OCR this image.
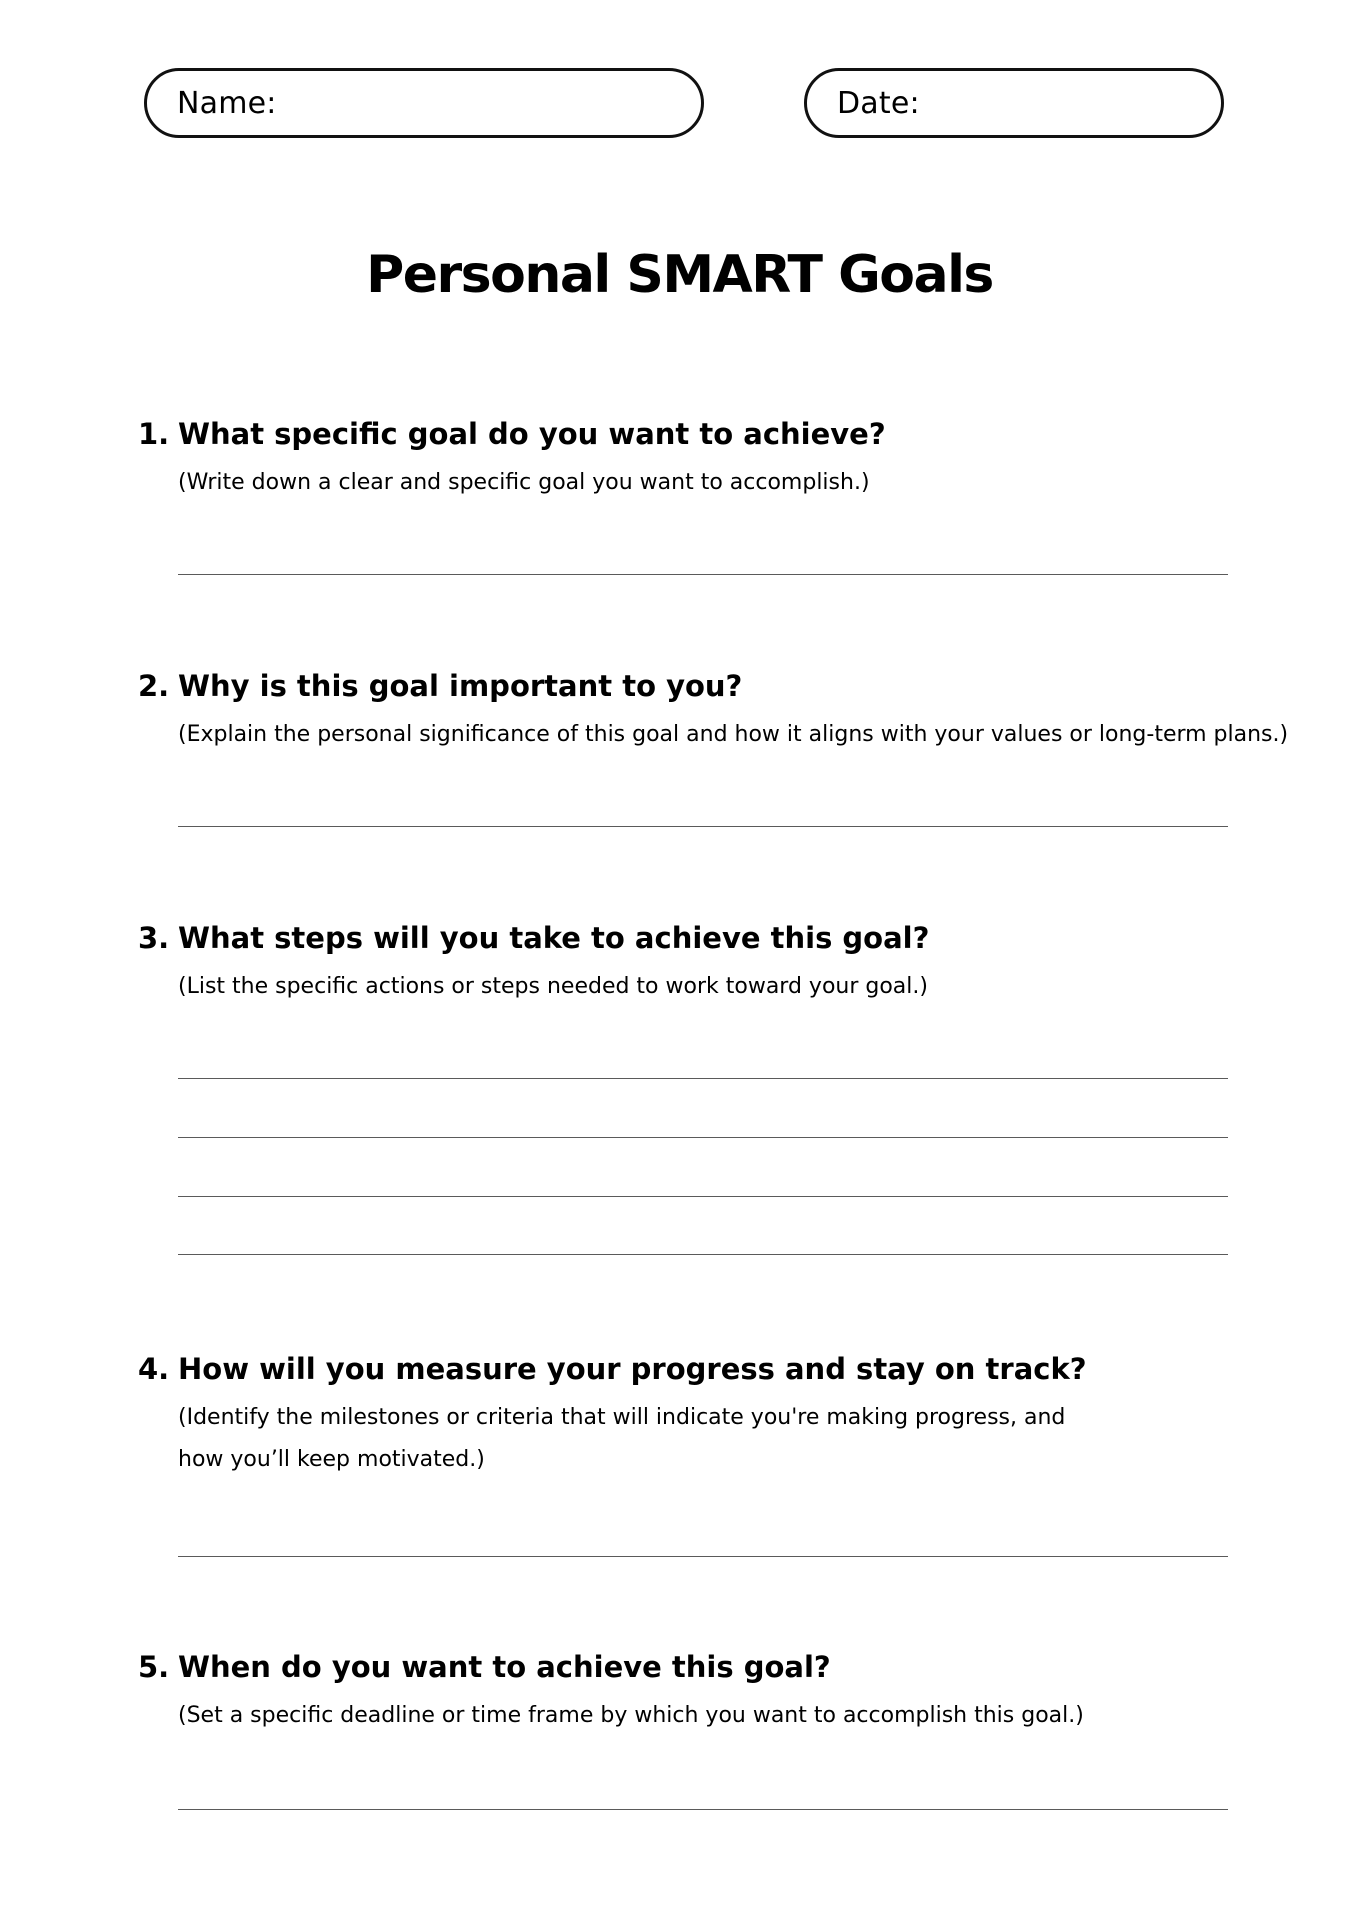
Name:	Date:
Personal SMART Goals
1. What specific goal do you want to achieve?
(Write down a clear and specific goal you want to accomplish.)
2. Why is this goal important to you?
(Explain the personal significance of this goal and how it aligns with your values or long-term plans.)
3. What steps will you take to achieve this goal?
(List the specific actions or steps needed to work toward your goal.)
4. How will you measure your progress and stay on track?
(Identify the milestones or criteria that will indicate you're making progress, and
how you’ll keep motivated.)
5. When do you want to achieve this goal?
(Set a specific deadline or time frame by which you want to accomplish this goal.)
